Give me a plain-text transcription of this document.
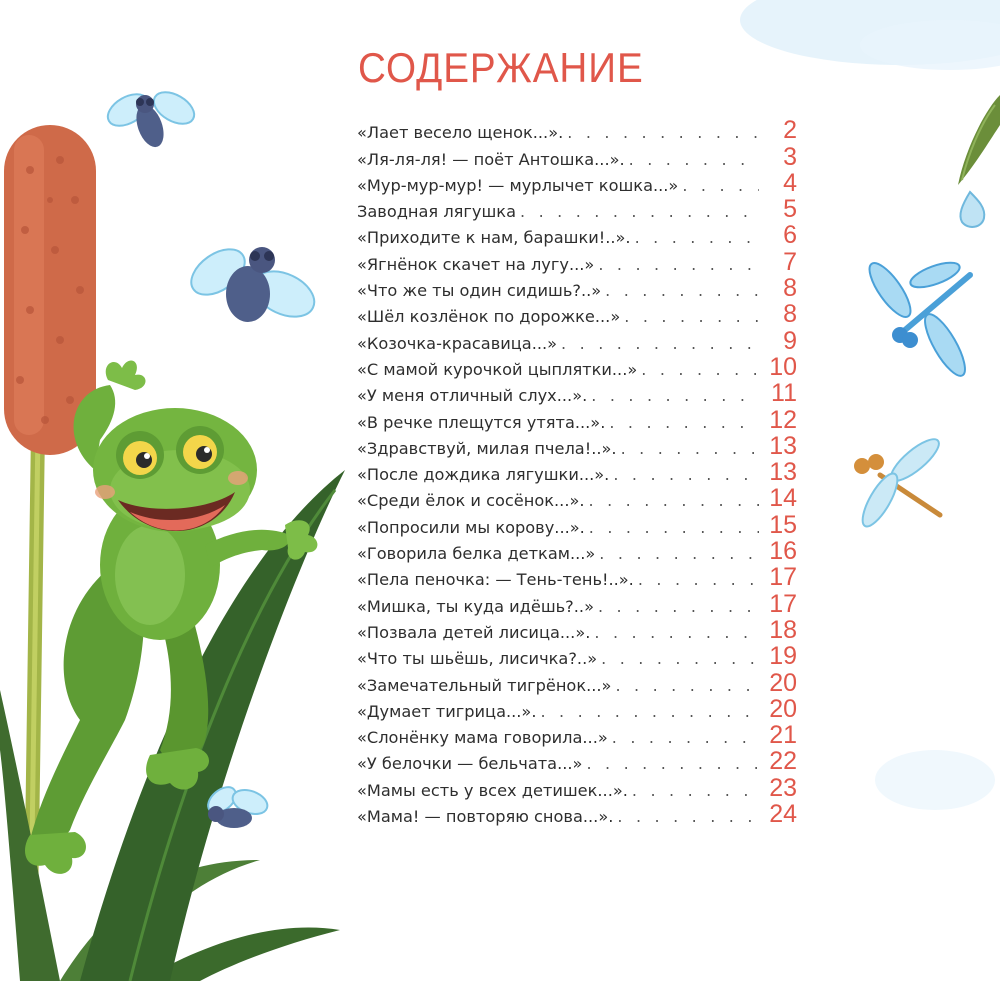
СОДЕРЖАНИЕ
«Лает весело щенок...». . . .	2
«Ля-ля-ля! — поёт Антошка...». . . .	3
«Мур-мур-мур! — мурлычет кошка...» . . .	4
Заводная лягушка . . .	5
«Приходите к нам, барашки!..». . . .	6
«Ягнёнок скачет на лугу...» . . .	7
«Что же ты один сидишь?..» . . .	8
«Шёл козлёнок по дорожке...» . . .	8
«Козочка-красавица...» . . .	9
«С мамой курочкой цыплятки...» . . .	10
«У меня отличный слух...». . . .	11
«В речке плещутся утята...». . . .	12
«Здравствуй, милая пчела!..». . . .	13
«После дождика лягушки...». . . .	13
«Среди ёлок и сосёнок...». . . .	14
«Попросили мы корову...». . . .	15
«Говорила белка деткам...» . . .	16
«Пела пеночка: — Тень-тень!..». . . .	17
«Мишка, ты куда идёшь?..» . . .	17
«Позвала детей лисица...». . . .	18
«Что ты шьёшь, лисичка?..» . . .	19
«Замечательный тигрёнок...» . . .	20
«Думает тигрица...». . . .	20
«Слонёнку мама говорила...» . . .	21
«У белочки — бельчата...» . . .	22
«Мамы есть у всех детишек...». . . .	23
«Мама! — повторяю снова...». . . .	24
